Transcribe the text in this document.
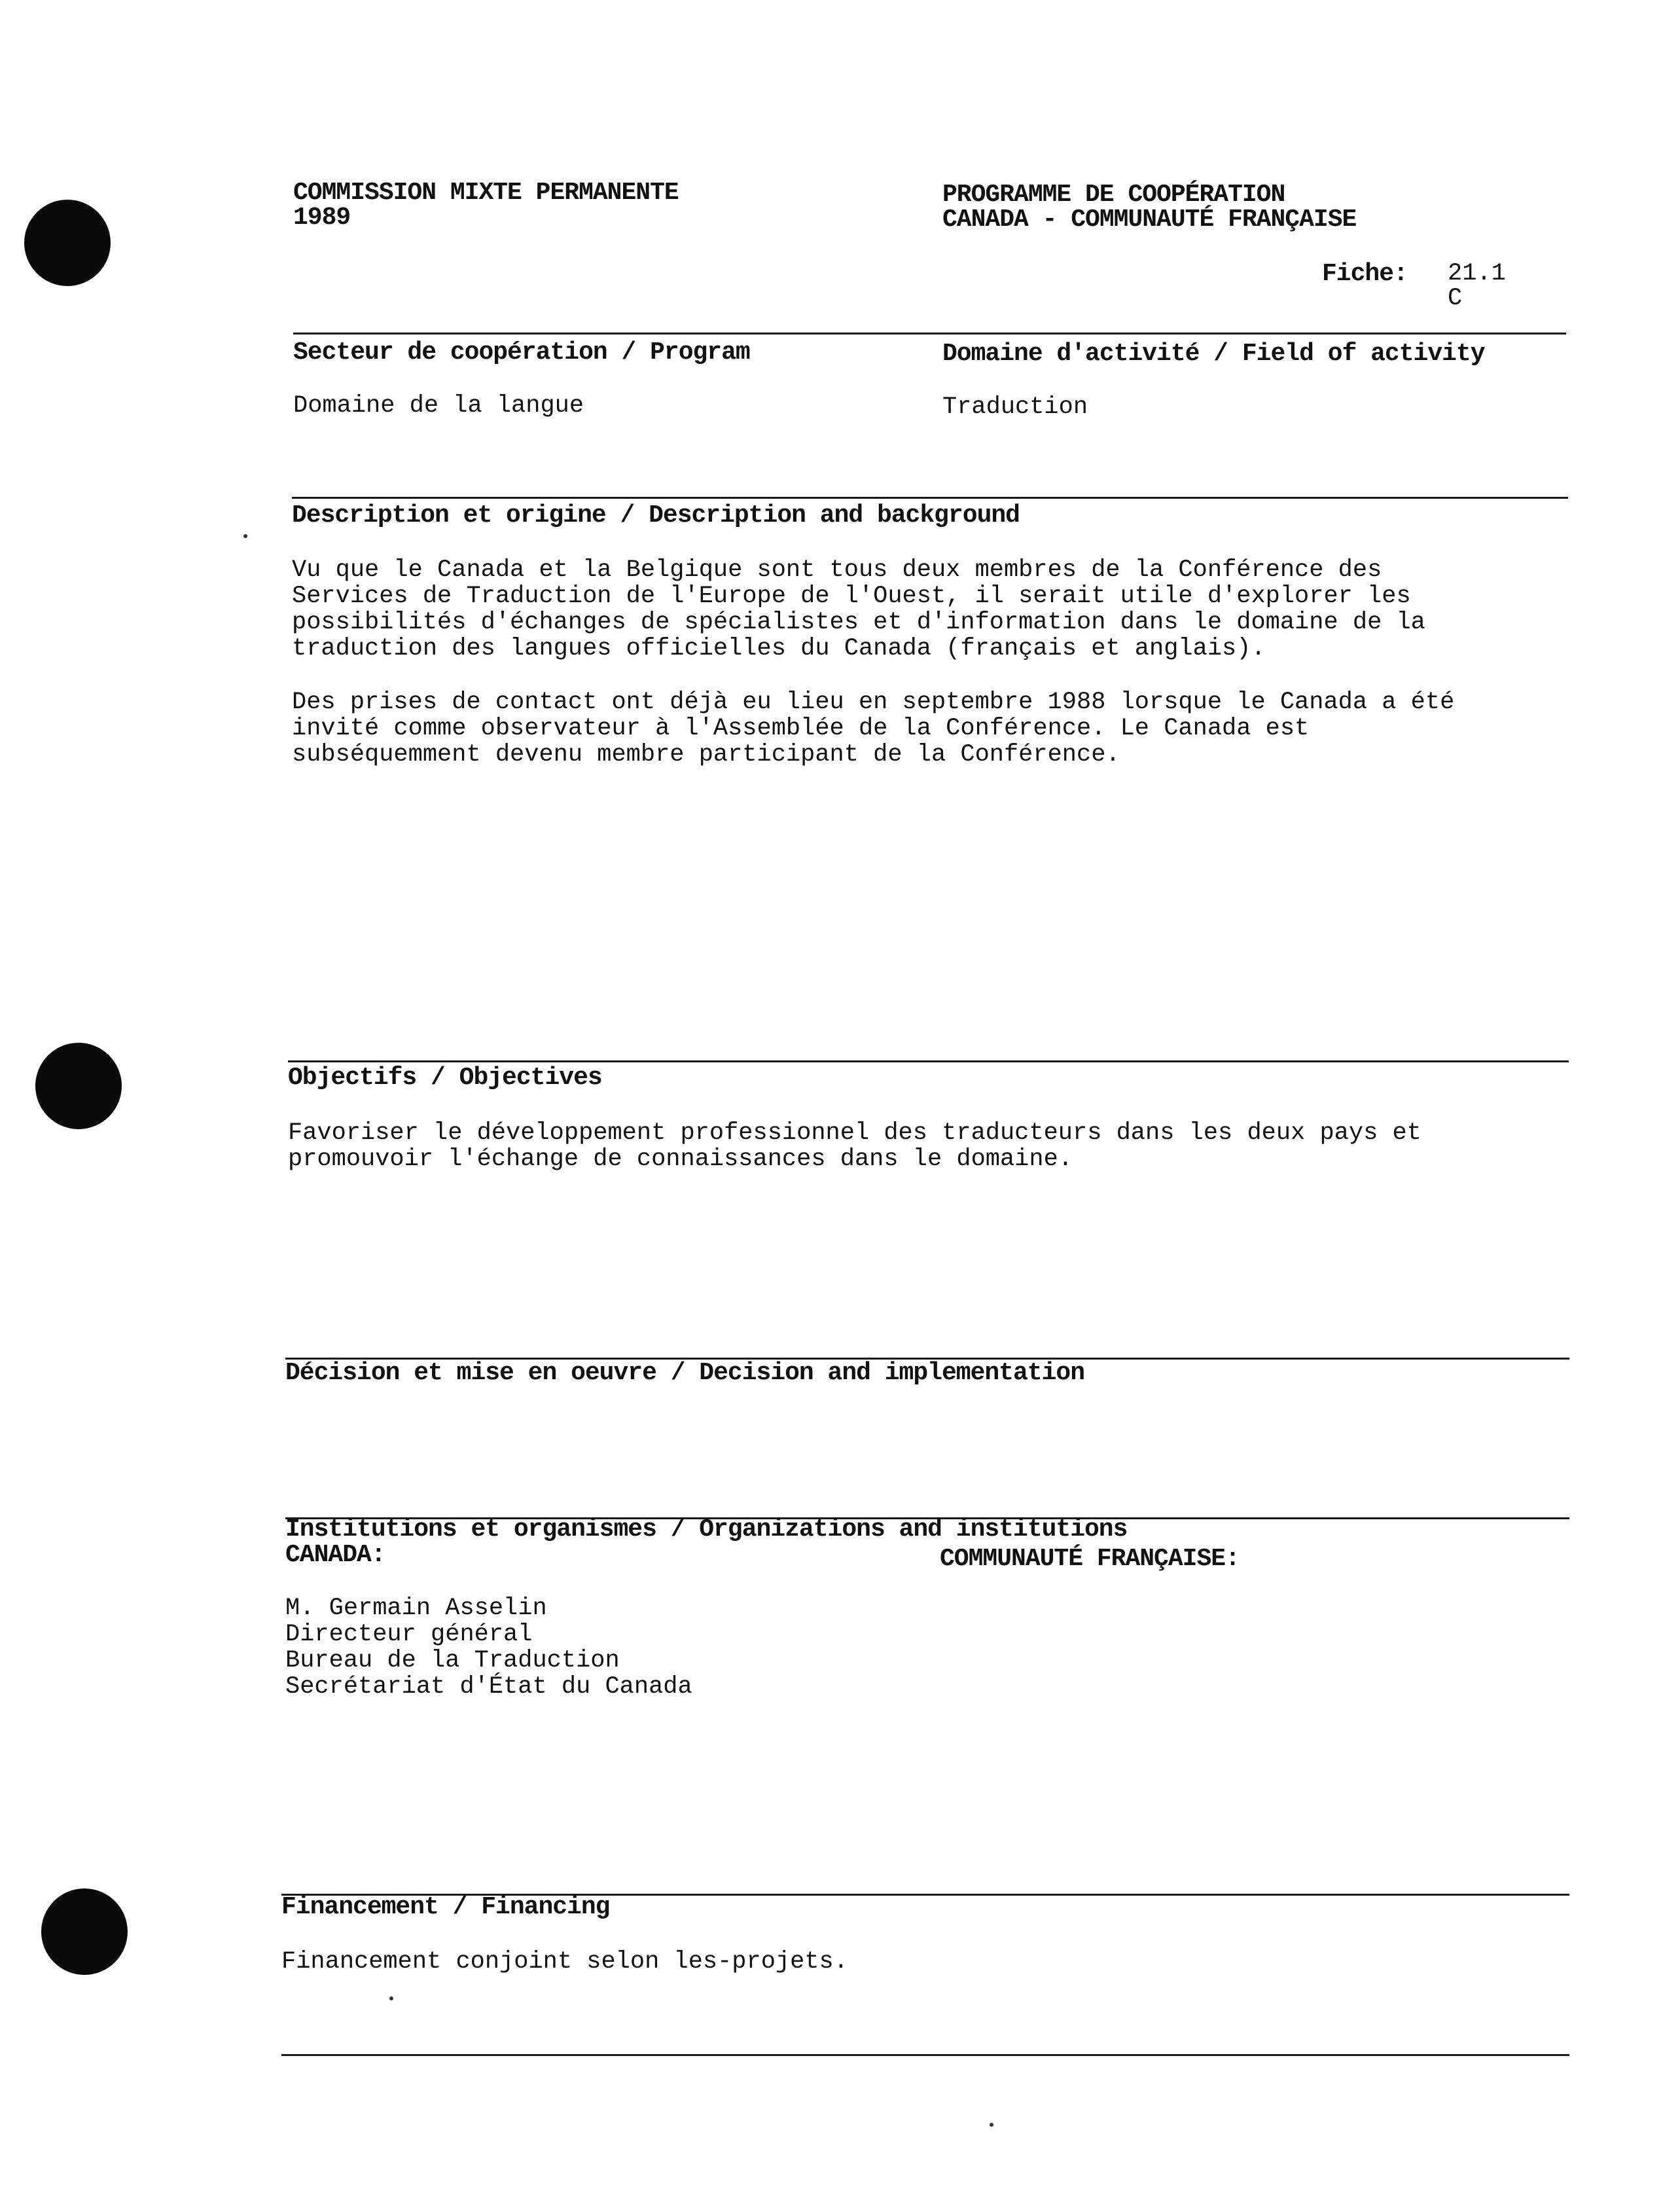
COMMISSION MIXTE PERMANENTE
1989
PROGRAMME DE COOPÉRATION
CANADA - COMMUNAUTÉ FRANÇAISE
Fiche: 21.1
C
Secteur de coopération / Program	Domaine d'activité / Field of activity
Domaine de la langue	Traduction
Description et origine / Description and background
Vu que le Canada et la Belgique sont tous deux membres de la Conférence des
Services de Traduction de l'Europe de l'Ouest, il serait utile d'explorer les
possibilités d'échanges de spécialistes et d'information dans le domaine de la
traduction des langues officielles du Canada (français et anglais).
Des prises de contact ont déjà eu lieu en septembre 1988 lorsque le Canada a été
invité comme observateur à l'Assemblée de la Conférence. Le Canada est
subséquemment devenu membre participant de la Conférence.
Objectifs / Objectives
Favoriser le développement professionnel des traducteurs dans les deux pays et
promouvoir l'échange de connaissances dans le domaine.
Décision et mise en oeuvre / Decision and implementation
Institutions et organismes / Organizations and institutions
CANADA:	COMMUNAUTÉ FRANÇAISE:
M. Germain Asselin
Directeur général
Bureau de la Traduction
Secrétariat d'État du Canada
Financement / Financing
Financement conjoint selon les-projets.
